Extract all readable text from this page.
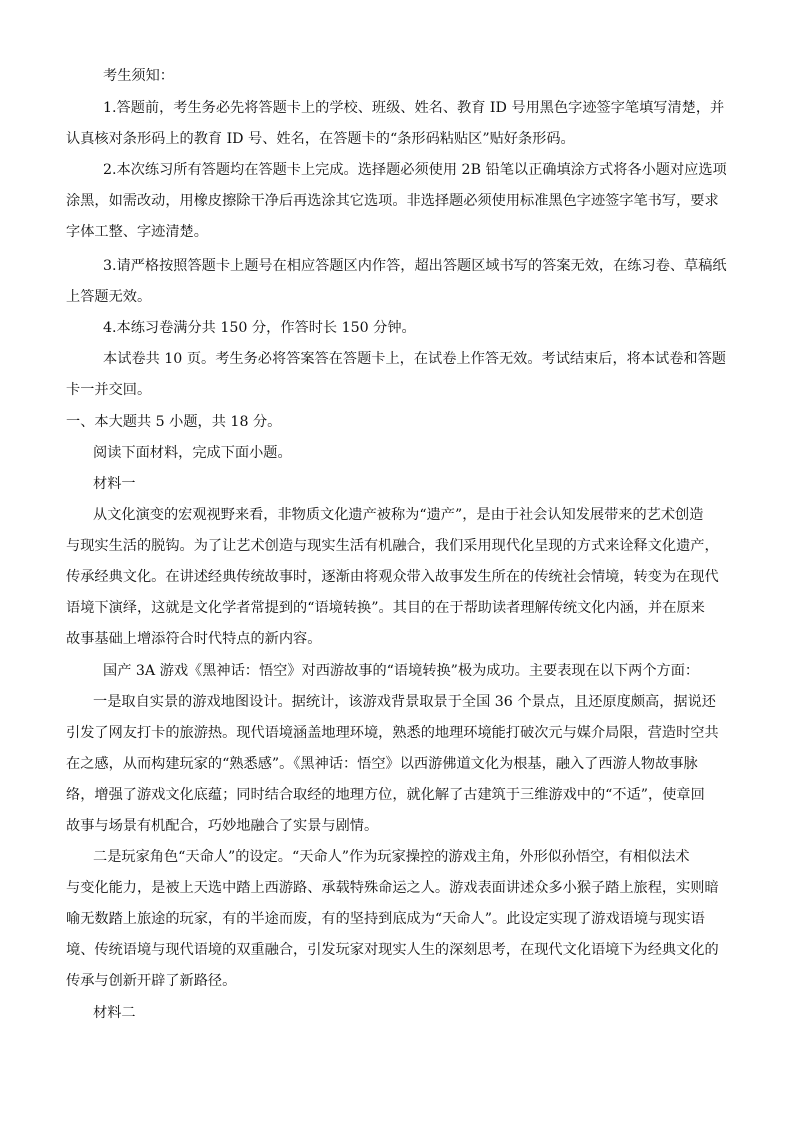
考生须知：
1.答题前，考生务必先将答题卡上的学校、班级、姓名、教育 ID 号用黑色字迹签字笔填写清楚，并
认真核对条形码上的教育 ID 号、姓名，在答题卡的“条形码粘贴区”贴好条形码。
2.本次练习所有答题均在答题卡上完成。选择题必须使用 2B 铅笔以正确填涂方式将各小题对应选项
涂黑，如需改动，用橡皮擦除干净后再选涂其它选项。非选择题必须使用标准黑色字迹签字笔书写，要求
字体工整、字迹清楚。
3.请严格按照答题卡上题号在相应答题区内作答，超出答题区域书写的答案无效，在练习卷、草稿纸
上答题无效。
4.本练习卷满分共 150 分，作答时长 150 分钟。
本试卷共 10 页。考生务必将答案答在答题卡上，在试卷上作答无效。考试结束后，将本试卷和答题
卡一并交回。
一、本大题共 5 小题，共 18 分。
阅读下面材料，完成下面小题。
材料一
从文化演变的宏观视野来看，非物质文化遗产被称为“遗产”，是由于社会认知发展带来的艺术创造
与现实生活的脱钩。为了让艺术创造与现实生活有机融合，我们采用现代化呈现的方式来诠释文化遗产，
传承经典文化。在讲述经典传统故事时，逐渐由将观众带入故事发生所在的传统社会情境，转变为在现代
语境下演绎，这就是文化学者常提到的“语境转换”。其目的在于帮助读者理解传统文化内涵，并在原来
故事基础上增添符合时代特点的新内容。
国产 3A 游戏《黑神话：悟空》对西游故事的“语境转换”极为成功。主要表现在以下两个方面：
一是取自实景的游戏地图设计。据统计，该游戏背景取景于全国 36 个景点，且还原度颇高，据说还
引发了网友打卡的旅游热。现代语境涵盖地理环境，熟悉的地理环境能打破次元与媒介局限，营造时空共
在之感，从而构建玩家的“熟悉感”。《黑神话：悟空》以西游佛道文化为根基，融入了西游人物故事脉
络，增强了游戏文化底蕴；同时结合取经的地理方位，就化解了古建筑于三维游戏中的“不适”，使章回
故事与场景有机配合，巧妙地融合了实景与剧情。
二是玩家角色“天命人”的设定。“天命人”作为玩家操控的游戏主角，外形似孙悟空，有相似法术
与变化能力，是被上天选中踏上西游路、承载特殊命运之人。游戏表面讲述众多小猴子踏上旅程，实则暗
喻无数踏上旅途的玩家，有的半途而废，有的坚持到底成为“天命人”。此设定实现了游戏语境与现实语
境、传统语境与现代语境的双重融合，引发玩家对现实人生的深刻思考，在现代文化语境下为经典文化的
传承与创新开辟了新路径。
材料二
